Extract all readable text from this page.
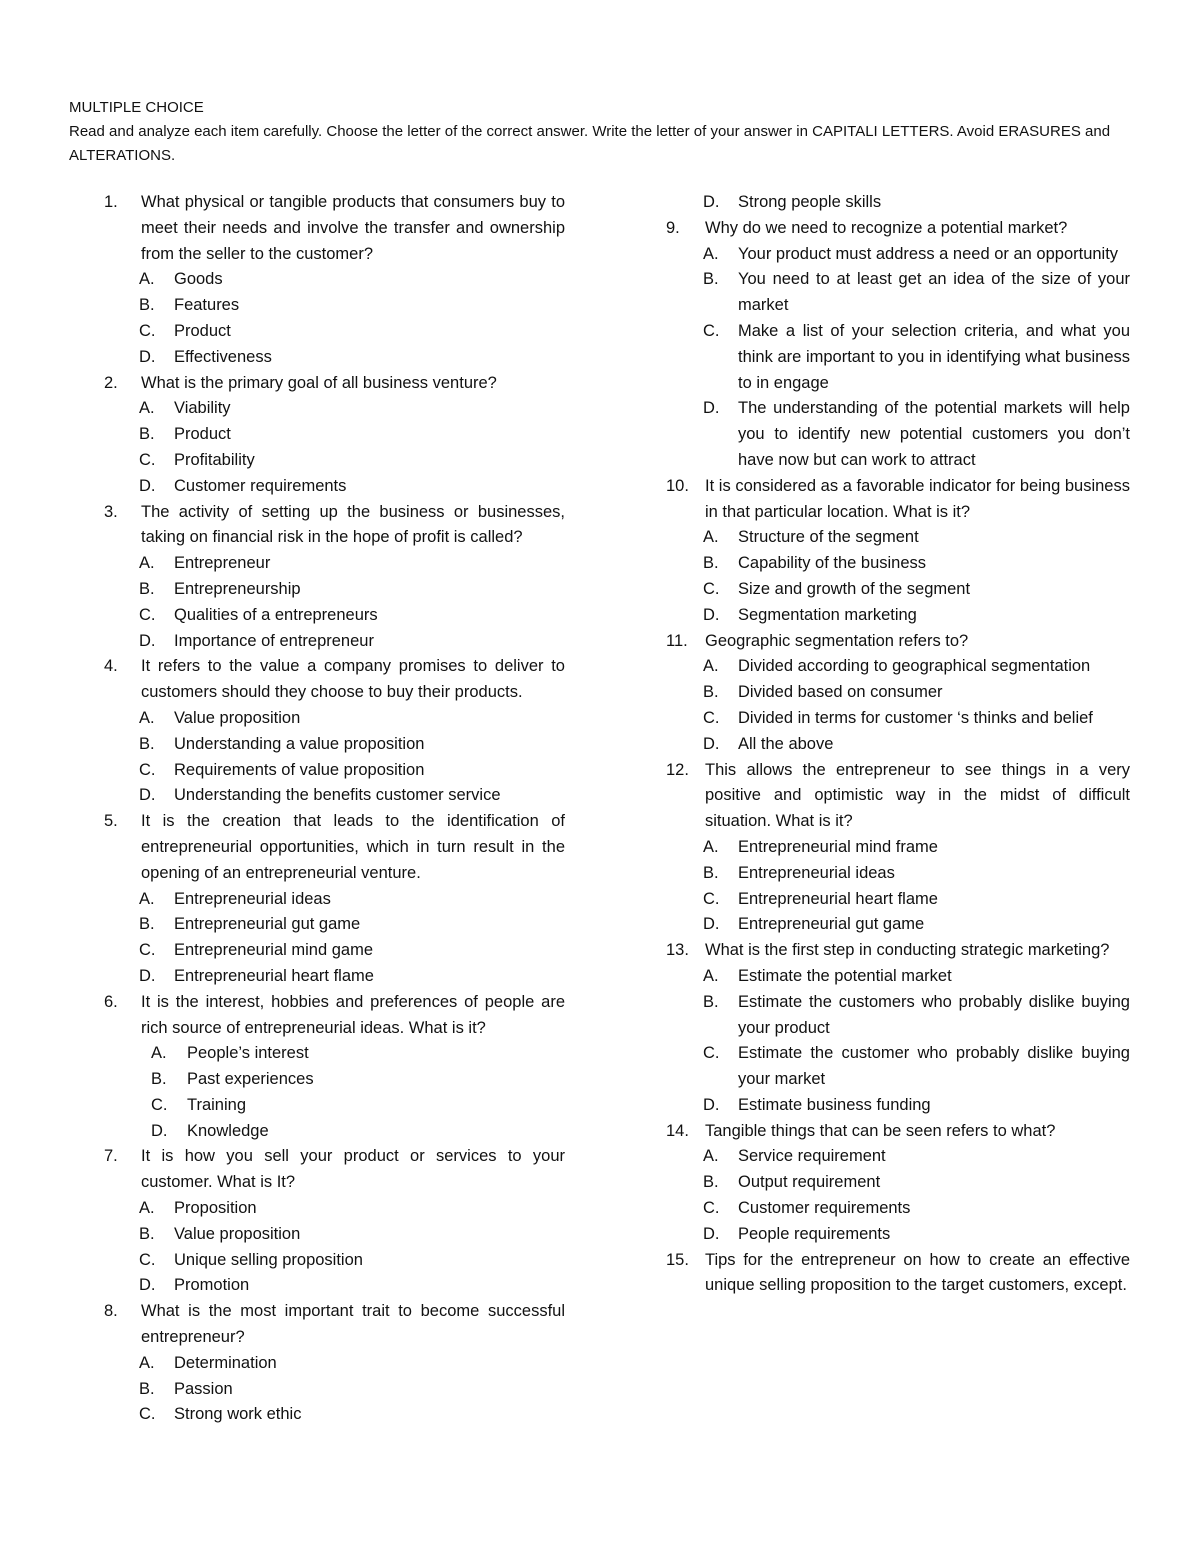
MULTIPLE CHOICE
Read and analyze each item carefully. Choose the letter of the correct answer. Write the letter of your answer in CAPITALI LETTERS. Avoid ERASURES and ALTERATIONS.
1. What physical or tangible products that consumers buy to meet their needs and involve the transfer and ownership from the seller to the customer?
A. Goods
B. Features
C. Product
D. Effectiveness
2. What is the primary goal of all business venture?
A. Viability
B. Product
C. Profitability
D. Customer requirements
3. The activity of setting up the business or businesses, taking on financial risk in the hope of profit is called?
A. Entrepreneur
B. Entrepreneurship
C. Qualities of a entrepreneurs
D. Importance of entrepreneur
4. It refers to the value a company promises to deliver to customers should they choose to buy their products.
A. Value proposition
B. Understanding a value proposition
C. Requirements of value proposition
D. Understanding the benefits customer service
5. It is the creation that leads to the identification of entrepreneurial opportunities, which in turn result in the opening of an entrepreneurial venture.
A. Entrepreneurial ideas
B. Entrepreneurial gut game
C. Entrepreneurial mind game
D. Entrepreneurial heart flame
6. It is the interest, hobbies and preferences of people are rich source of entrepreneurial ideas. What is it?
A. People’s interest
B. Past experiences
C. Training
D. Knowledge
7. It is how you sell your product or services to your customer. What is It?
A. Proposition
B. Value proposition
C. Unique selling proposition
D. Promotion
8. What is the most important trait to become successful entrepreneur?
A. Determination
B. Passion
C. Strong work ethic
D. Strong people skills
9. Why do we need to recognize a potential market?
A. Your product must address a need or an opportunity
B. You need to at least get an idea of the size of your market
C. Make a list of your selection criteria, and what you think are important to you in identifying what business to in engage
D. The understanding of the potential markets will help you to identify new potential customers you don’t have now but can work to attract
10. It is considered as a favorable indicator for being business in that particular location. What is it?
A. Structure of the segment
B. Capability of the business
C. Size and growth of the segment
D. Segmentation marketing
11. Geographic segmentation refers to?
A. Divided according to geographical segmentation
B. Divided based on consumer
C. Divided in terms for customer ‘s thinks and belief
D. All the above
12. This allows the entrepreneur to see things in a very positive and optimistic way in the midst of difficult situation. What is it?
A. Entrepreneurial mind frame
B. Entrepreneurial ideas
C. Entrepreneurial heart flame
D. Entrepreneurial gut game
13. What is the first step in conducting strategic marketing?
A. Estimate the potential market
B. Estimate the customers who probably dislike buying your product
C. Estimate the customer who probably dislike buying your market
D. Estimate business funding
14. Tangible things that can be seen refers to what?
A. Service requirement
B. Output requirement
C. Customer requirements
D. People requirements
15. Tips for the entrepreneur on how to create an effective unique selling proposition to the target customers, except.
